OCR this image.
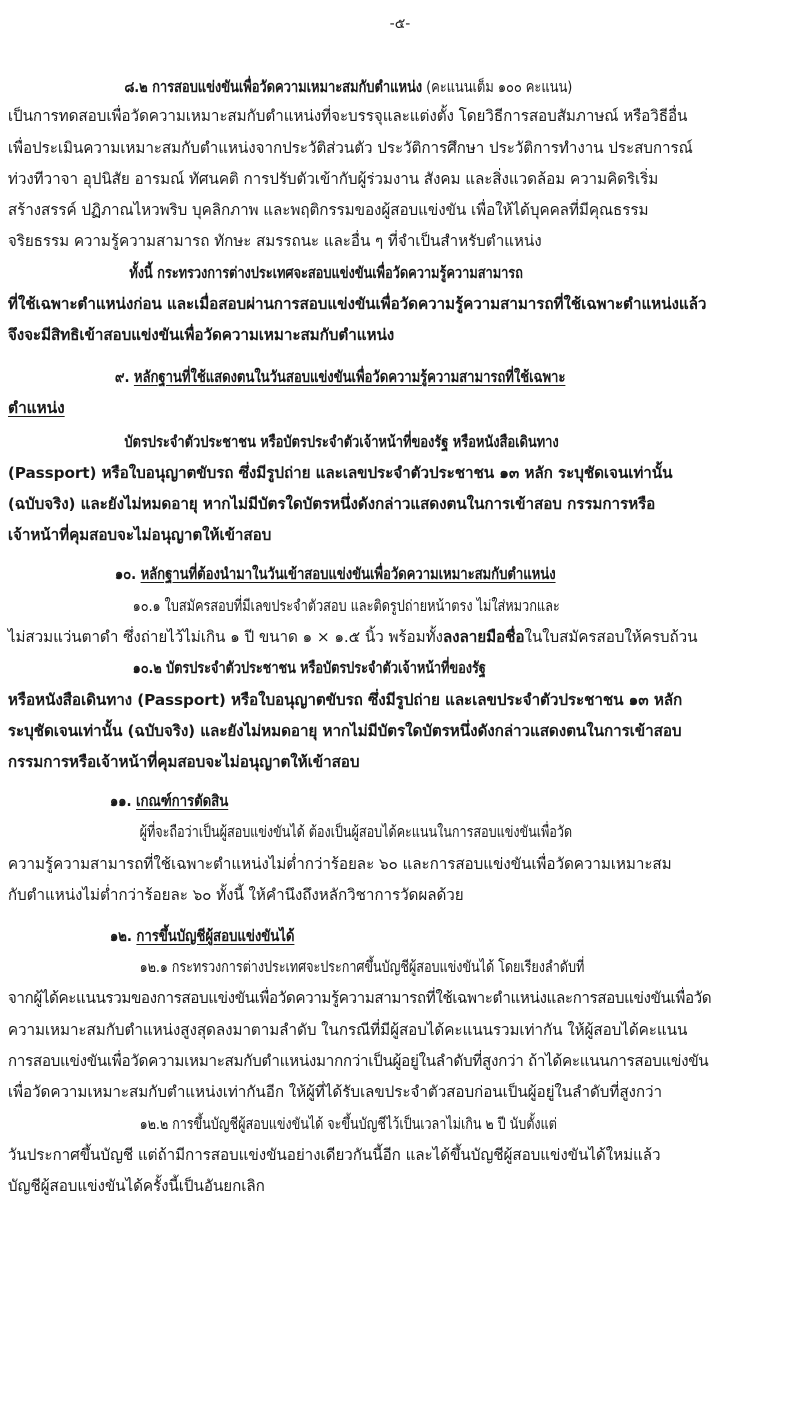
-๕-
๘.๒ การสอบแข่งขันเพื่อวัดความเหมาะสมกับตำแหน่ง (คะแนนเต็ม ๑๐๐ คะแนน)
เป็นการทดสอบเพื่อวัดความเหมาะสมกับตำแหน่งที่จะบรรจุและแต่งตั้ง โดยวิธีการสอบสัมภาษณ์ หรือวิธีอื่น
เพื่อประเมินความเหมาะสมกับตำแหน่งจากประวัติส่วนตัว ประวัติการศึกษา ประวัติการทำงาน ประสบการณ์
ท่วงทีวาจา อุปนิสัย อารมณ์ ทัศนคติ การปรับตัวเข้ากับผู้ร่วมงาน สังคม และสิ่งแวดล้อม ความคิดริเริ่ม
สร้างสรรค์ ปฏิภาณไหวพริบ บุคลิกภาพ และพฤติกรรมของผู้สอบแข่งขัน เพื่อให้ได้บุคคลที่มีคุณธรรม
จริยธรรม ความรู้ความสามารถ ทักษะ สมรรถนะ และอื่น ๆ ที่จำเป็นสำหรับตำแหน่ง
ทั้งนี้ กระทรวงการต่างประเทศจะสอบแข่งขันเพื่อวัดความรู้ความสามารถ
ที่ใช้เฉพาะตำแหน่งก่อน และเมื่อสอบผ่านการสอบแข่งขันเพื่อวัดความรู้ความสามารถที่ใช้เฉพาะตำแหน่งแล้ว
จึงจะมีสิทธิเข้าสอบแข่งขันเพื่อวัดความเหมาะสมกับตำแหน่ง
๙. หลักฐานที่ใช้แสดงตนในวันสอบแข่งขันเพื่อวัดความรู้ความสามารถที่ใช้เฉพาะ
ตำแหน่ง
บัตรประจำตัวประชาชน หรือบัตรประจำตัวเจ้าหน้าที่ของรัฐ หรือหนังสือเดินทาง
(Passport) หรือใบอนุญาตขับรถ ซึ่งมีรูปถ่าย และเลขประจำตัวประชาชน ๑๓ หลัก ระบุชัดเจนเท่านั้น
(ฉบับจริง) และยังไม่หมดอายุ หากไม่มีบัตรใดบัตรหนึ่งดังกล่าวแสดงตนในการเข้าสอบ กรรมการหรือ
เจ้าหน้าที่คุมสอบจะไม่อนุญาตให้เข้าสอบ
๑๐. หลักฐานที่ต้องนำมาในวันเข้าสอบแข่งขันเพื่อวัดความเหมาะสมกับตำแหน่ง
๑๐.๑ ใบสมัครสอบที่มีเลขประจำตัวสอบ และติดรูปถ่ายหน้าตรง ไม่ใส่หมวกและ
ไม่สวมแว่นตาดำ ซึ่งถ่ายไว้ไม่เกิน ๑ ปี ขนาด ๑ × ๑.๕ นิ้ว พร้อมทั้งลงลายมือชื่อในใบสมัครสอบให้ครบถ้วน
๑๐.๒ บัตรประจำตัวประชาชน หรือบัตรประจำตัวเจ้าหน้าที่ของรัฐ
หรือหนังสือเดินทาง (Passport) หรือใบอนุญาตขับรถ ซึ่งมีรูปถ่าย และเลขประจำตัวประชาชน ๑๓ หลัก
ระบุชัดเจนเท่านั้น (ฉบับจริง) และยังไม่หมดอายุ หากไม่มีบัตรใดบัตรหนึ่งดังกล่าวแสดงตนในการเข้าสอบ
กรรมการหรือเจ้าหน้าที่คุมสอบจะไม่อนุญาตให้เข้าสอบ
๑๑. เกณฑ์การตัดสิน
ผู้ที่จะถือว่าเป็นผู้สอบแข่งขันได้ ต้องเป็นผู้สอบได้คะแนนในการสอบแข่งขันเพื่อวัด
ความรู้ความสามารถที่ใช้เฉพาะตำแหน่งไม่ต่ำกว่าร้อยละ ๖๐ และการสอบแข่งขันเพื่อวัดความเหมาะสม
กับตำแหน่งไม่ต่ำกว่าร้อยละ ๖๐ ทั้งนี้ ให้คำนึงถึงหลักวิชาการวัดผลด้วย
๑๒. การขึ้นบัญชีผู้สอบแข่งขันได้
๑๒.๑ กระทรวงการต่างประเทศจะประกาศขึ้นบัญชีผู้สอบแข่งขันได้ โดยเรียงลำดับที่
จากผู้ได้คะแนนรวมของการสอบแข่งขันเพื่อวัดความรู้ความสามารถที่ใช้เฉพาะตำแหน่งและการสอบแข่งขันเพื่อวัด
ความเหมาะสมกับตำแหน่งสูงสุดลงมาตามลำดับ ในกรณีที่มีผู้สอบได้คะแนนรวมเท่ากัน ให้ผู้สอบได้คะแนน
การสอบแข่งขันเพื่อวัดความเหมาะสมกับตำแหน่งมากกว่าเป็นผู้อยู่ในลำดับที่สูงกว่า ถ้าได้คะแนนการสอบแข่งขัน
เพื่อวัดความเหมาะสมกับตำแหน่งเท่ากันอีก ให้ผู้ที่ได้รับเลขประจำตัวสอบก่อนเป็นผู้อยู่ในลำดับที่สูงกว่า
๑๒.๒ การขึ้นบัญชีผู้สอบแข่งขันได้ จะขึ้นบัญชีไว้เป็นเวลาไม่เกิน ๒ ปี นับตั้งแต่
วันประกาศขึ้นบัญชี แต่ถ้ามีการสอบแข่งขันอย่างเดียวกันนี้อีก และได้ขึ้นบัญชีผู้สอบแข่งขันได้ใหม่แล้ว
บัญชีผู้สอบแข่งขันได้ครั้งนี้เป็นอันยกเลิก
